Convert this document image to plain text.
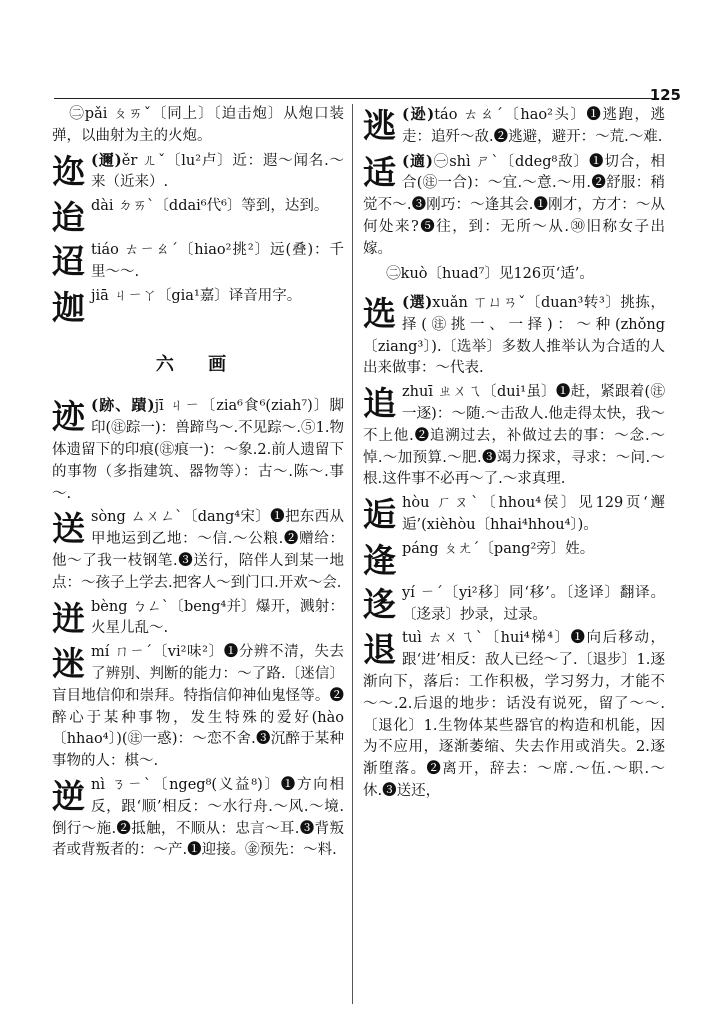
125
㊁pǎi ㄆㄞˇ〔同上〕〔迫击炮〕从炮口装弹，以曲射为主的火炮。
迩 (邇)ěr ㄦˇ〔lu²卢〕近：遐～闻名.～来（近来）.
迨dài ㄉㄞˋ〔ddai⁶代⁶〕等到，达到。
迢tiáo ㄊㄧㄠˊ〔hiao²挑²〕远(叠)：千里～～.
迦jiā ㄐㄧㄚ〔gia¹嘉〕译音用字。
六 画
迹 (跡、蹟)jī ㄐㄧ〔zia⁶食⁶(ziah⁷)〕脚印(㊟踪一)：兽蹄鸟～.不见踪～.⑤1.物体遗留下的印痕(㊟痕一)：～象.2.前人遗留下的事物（多指建筑、器物等）：古～.陈～.事～.
送sòng ㄙㄨㄥˋ〔dang⁴宋〕❶把东西从甲地运到乙地：～信.～公粮.❷赠给：他～了我一枝钢笔.❸送行，陪伴人到某一地点：～孩子上学去.把客人～到门口.开欢～会.
迸bèng ㄅㄥˋ〔beng⁴并〕爆开，溅射：火星儿乱～.
迷mí ㄇㄧˊ〔vi²味²〕❶分辨不清，失去了辨别、判断的能力：～了路.〔迷信〕盲目地信仰和崇拜。特指信仰神仙鬼怪等。❷醉心于某种事物，发生特殊的爱好(hào〔hhao⁴〕)(㊟一惑)：～恋不舍.❸沉醉于某种事物的人：棋～.
逆nì ㄋㄧˋ〔ngeg⁸(义益⁸)〕❶方向相反，跟‘顺’相反：～水行舟.～风.～境.倒行～施.❷抵触，不顺从：忠言～耳.❸背叛者或背叛者的：～产.❶迎接。㊎预先：～料.
逃 (逊)táo ㄊㄠˊ〔hao²头〕❶逃跑，逃走：追歼～敌.❷逃避，避开：～荒.～难.
适 (適)㊀shì ㄕˋ〔ddeg⁸敌〕❶切合，相合(㊟一合)：～宜.～意.～用.❷舒服：稍觉不～.❸刚巧：～逢其会.❶刚才，方才：～从何处来?❺往，到：无所～从.㉚旧称女子出嫁。
㊁kuò〔huad⁷〕见126页‘适’。
选 (選)xuǎn ㄒㄩㄢˇ〔duan³转³〕挑拣，择(㊟挑一、一择)：～种(zhǒng〔ziang³〕).〔选举〕多数人推举认为合适的人出来做事：～代表.
追zhuī ㄓㄨㄟ〔dui¹虽〕❶赶，紧跟着(㊟一逐)：～随.～击敌人.他走得太快，我～不上他.❷追溯过去，补做过去的事：～念.～悼.～加预算.～肥.❸竭力探求，寻求：～问.～根.这件事不必再～了.～求真理.
逅hòu ㄏㄡˋ〔hhou⁴侯〕见129页‘邂逅’(xièhòu〔hhai⁴hhou⁴〕)。
逄páng ㄆㄤˊ〔pang²旁〕姓。
迻yí ㄧˊ〔yi²移〕同‘移’。〔迻译〕翻译。〔迻录〕抄录，过录。
退tuì ㄊㄨㄟˋ〔hui⁴梯⁴〕❶向后移动，跟‘进’相反：敌人已经～了.〔退步〕1.逐渐向下，落后：工作积极，学习努力，才能不～～.2.后退的地步：话没有说死，留了～～.〔退化〕1.生物体某些器官的构造和机能，因为不应用，逐渐萎缩、失去作用或消失。2.逐渐堕落。❷离开，辞去：～席.～伍.～职.～休.❸送还，
